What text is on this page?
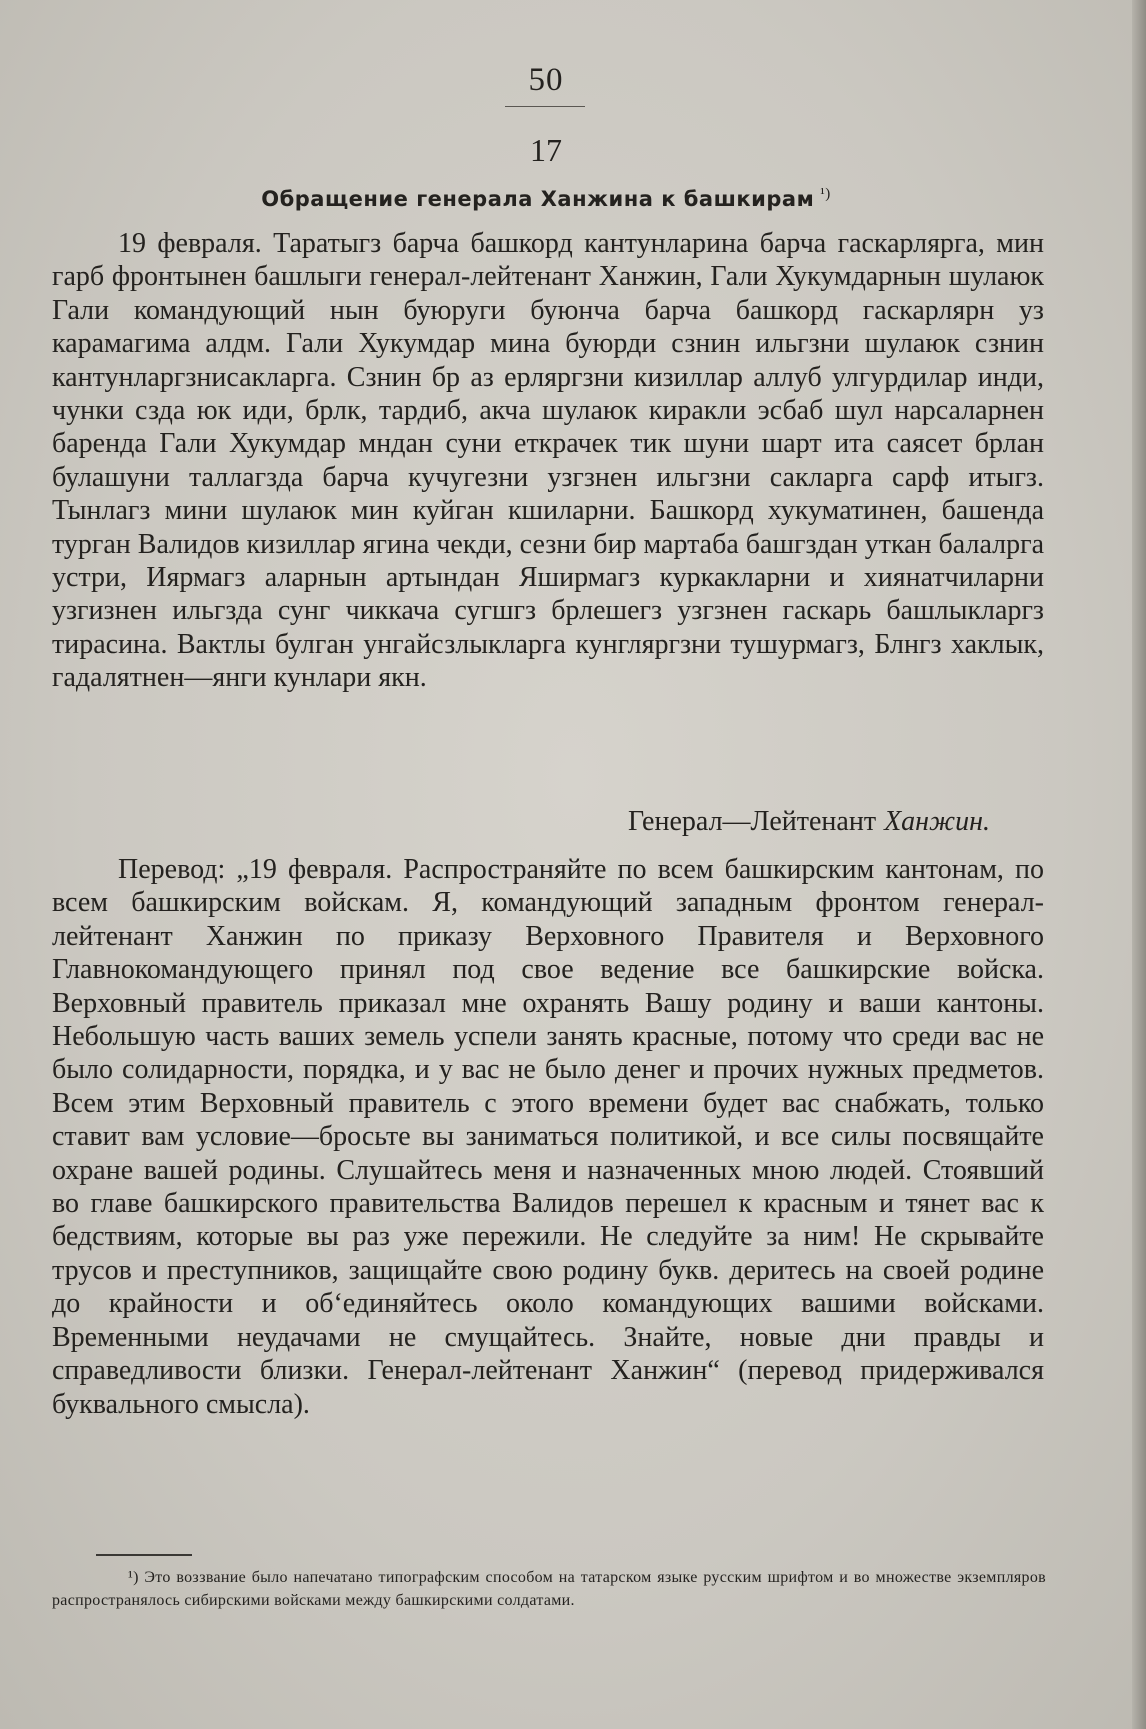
50
17
Обращение генерала Ханжина к башкирам $^{^1)}$
19 февраля. Таратыгз барча башкорд кантунларина барча гаскарлярга, мин гарб фронтынен башлыги генерал-лейтенант Ханжин, Гали Хукумдарнын шулаюк Гали командующий нын буюруги буюнча барча башкорд гаскарлярн уз карамагима алдм. Гали Хукумдар мина буюрди сзнин ильгзни шулаюк сзнин кантунларгзнисакларга. Сзнин бр аз ерляргзни кизиллар аллуб улгурдилар инди, чунки сзда юк иди, брлк, тардиб, акча шулаюк киракли эсбаб шул нарсаларнен баренда Гали Хукумдар мндан суни еткрачек тик шуни шарт ита саясет брлан булашуни таллагзда барча кучугезни узгзнен ильгзни сакларга сарф итыгз. Тынлагз мини шулаюк мин куйган кшиларни. Башкорд хукуматинен, башенда турган Валидов кизиллар ягина чекди, сезни бир мартаба башгздан уткан балалрга устри, Иярмагз аларнын артындан Яширмагз куркакларни и хиянатчиларни узгизнен ильгзда сунг чиккача сугшгз брлешегз узгзнен гаскарь башлыкларгз тирасина. Вактлы булган унгайсзлыкларга кунгляргзни тушурмагз, Блнгз хаклык, гадалятнен—янги кунлари якн.
Генерал—Лейтенант Ханжин.
Перевод: „19 февраля. Распространяйте по всем башкирским кантонам, по всем башкирским войскам. Я, командующий западным фронтом генерал-лейтенант Ханжин по приказу Верховного Правителя и Верховного Главнокомандующего принял под свое ведение все башкирские войска. Верховный правитель приказал мне охранять Вашу родину и ваши кантоны. Небольшую часть ваших земель успели занять красные, потому что среди вас не было солидарности, порядка, и у вас не было денег и прочих нужных предметов. Всем этим Верховный правитель с этого времени будет вас снабжать, только ставит вам условие—бросьте вы заниматься политикой, и все силы посвящайте охране вашей родины. Слушайтесь меня и назначенных мною людей. Стоявший во главе башкирского правительства Валидов перешел к красным и тянет вас к бедствиям, которые вы раз уже пережили. Не следуйте за ним! Не скрывайте трусов и преступников, защищайте свою родину букв. деритесь на своей родине до крайности и об‘единяйтесь около командующих вашими войсками. Временными неудачами не смущайтесь. Знайте, новые дни правды и справедливости близки. Генерал-лейтенант Ханжин“ (перевод придерживался буквального смысла).
¹) Это воззвание было напечатано типографским способом на татарском языке русским шрифтом и во множестве экземпляров распространялось сибирскими войсками между башкирскими солдатами.
